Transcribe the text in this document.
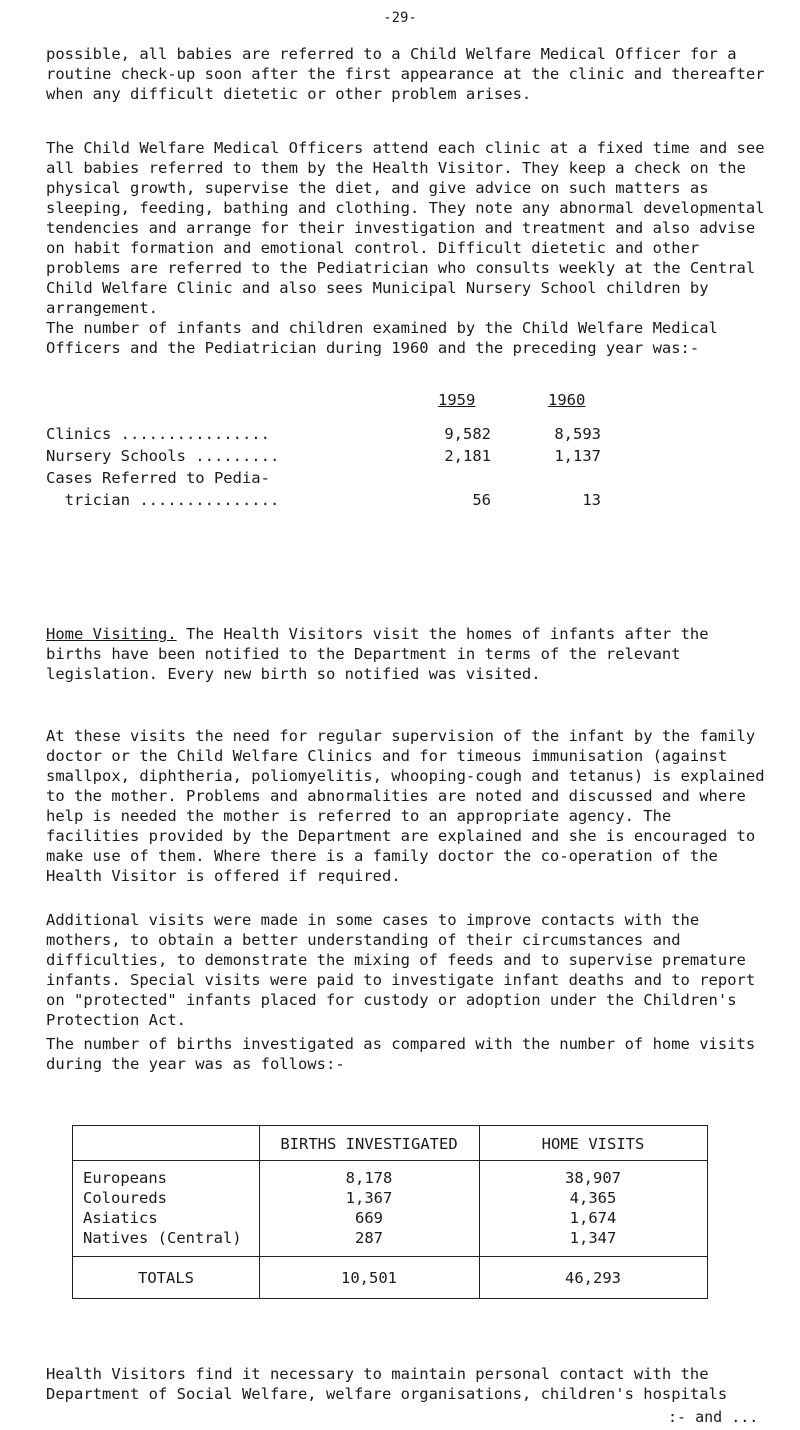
-29-

possible, all babies are referred to a Child Welfare Medical Officer for a routine check-up soon after the first appearance at the clinic and thereafter when any difficult dietetic or other problem arises.

The Child Welfare Medical Officers attend each clinic at a fixed time and see all babies referred to them by the Health Visitor. They keep a check on the physical growth, supervise the diet, and give advice on such matters as sleeping, feeding, bathing and clothing. They note any abnormal developmental tendencies and arrange for their investigation and treatment and also advise on habit formation and emotional control. Difficult dietetic and other problems are referred to the Pediatrician who consults weekly at the Central Child Welfare Clinic and also sees Municipal Nursery School children by arrangement.

The number of infants and children examined by the Child Welfare Medical Officers and the Pediatrician during 1960 and the preceding year was:-

1959	1960
Clinics ................	9,582	8,593
Nursery Schools .........	2,181	1,137
Cases Referred to Pedia-
trician ...............	56	13

Home Visiting. The Health Visitors visit the homes of infants after the births have been notified to the Department in terms of the relevant legislation. Every new birth so notified was visited.

At these visits the need for regular supervision of the infant by the family doctor or the Child Welfare Clinics and for timeous immunisation (against smallpox, diphtheria, poliomyelitis, whooping-cough and tetanus) is explained to the mother. Problems and abnormalities are noted and discussed and where help is needed the mother is referred to an appropriate agency. The facilities provided by the Department are explained and she is encouraged to make use of them. Where there is a family doctor the co-operation of the Health Visitor is offered if required.

Additional visits were made in some cases to improve contacts with the mothers, to obtain a better understanding of their circumstances and difficulties, to demonstrate the mixing of feeds and to supervise premature infants. Special visits were paid to investigate infant deaths and to report on "protected" infants placed for custody or adoption under the Children's Protection Act.

The number of births investigated as compared with the number of home visits during the year was as follows:-

BIRTHS INVESTIGATED	HOME VISITS
Europeans	8,178	38,907
Coloureds	1,367	4,365
Asiatics	669	1,674
Natives (Central)	287	1,347
TOTALS	10,501	46,293

Health Visitors find it necessary to maintain personal contact with the Department of Social Welfare, welfare organisations, children's hospitals

:- and ...
